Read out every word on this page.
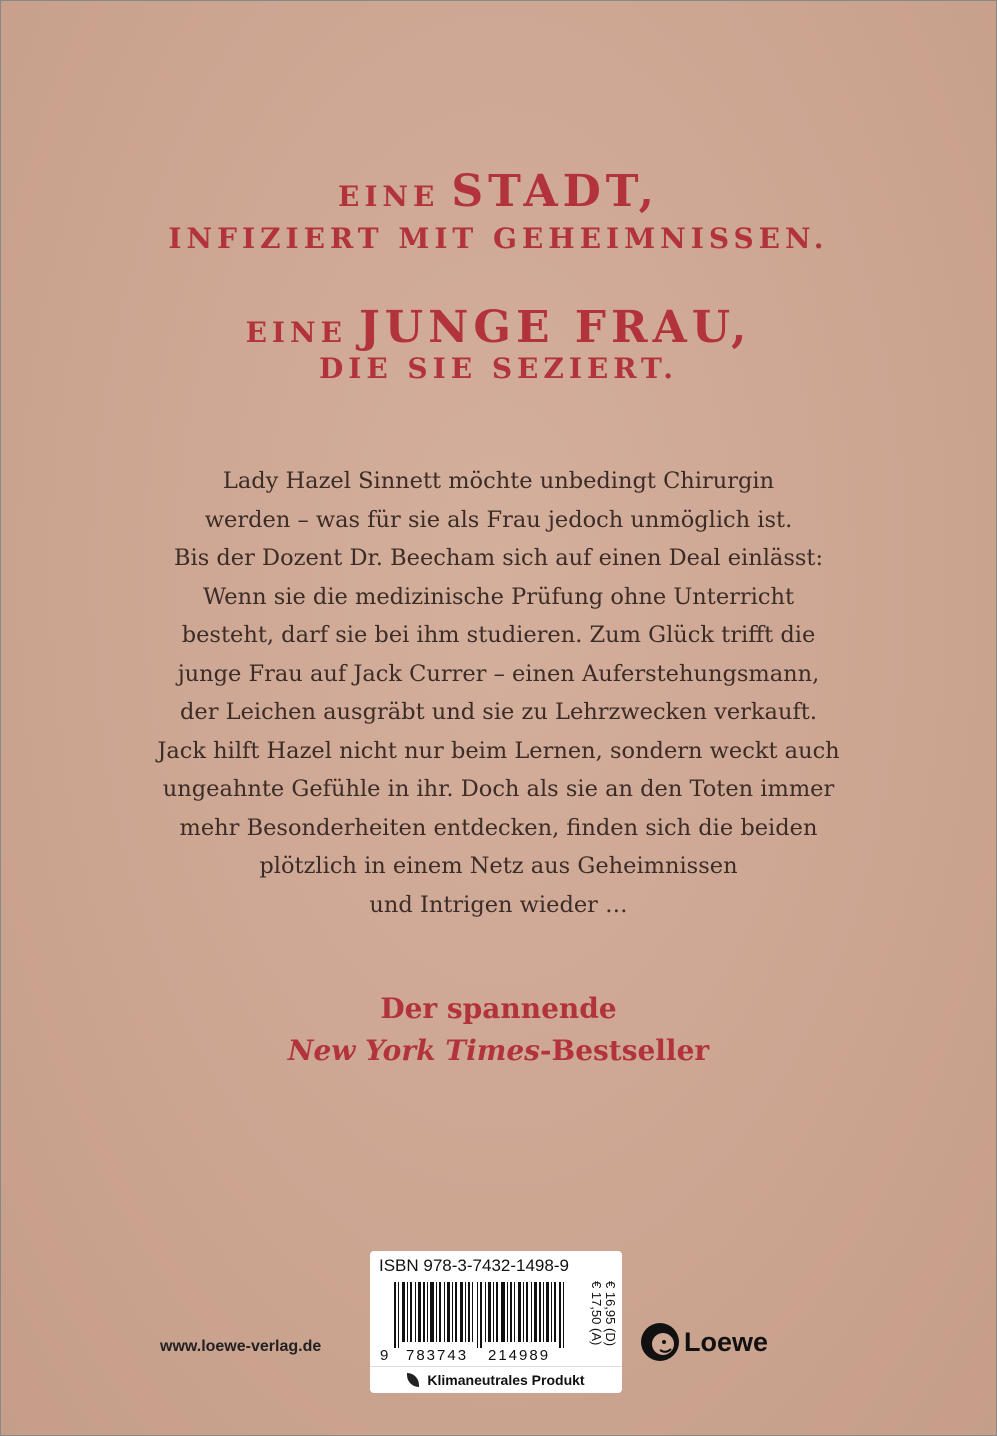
EINE STADT,
INFIZIERT MIT GEHEIMNISSEN.
EINE JUNGE FRAU,
DIE SIE SEZIERT.
Lady Hazel Sinnett möchte unbedingt Chirurgin
werden – was für sie als Frau jedoch unmöglich ist.
Bis der Dozent Dr. Beecham sich auf einen Deal einlässt:
Wenn sie die medizinische Prüfung ohne Unterricht
besteht, darf sie bei ihm studieren. Zum Glück trifft die
junge Frau auf Jack Currer – einen Auferstehungsmann,
der Leichen ausgräbt und sie zu Lehrzwecken verkauft.
Jack hilft Hazel nicht nur beim Lernen, sondern weckt auch
ungeahnte Gefühle in ihr. Doch als sie an den Toten immer
mehr Besonderheiten entdecken, finden sich die beiden
plötzlich in einem Netz aus Geheimnissen
und Intrigen wieder …
Der spannende
New York Times-Bestseller
www.loewe-verlag.de
ISBN 978-3-7432-1498-9
9 783743 214989
€ 16,95 (D)
€ 17,50 (A)
Klimaneutrales Produkt
Loewe
